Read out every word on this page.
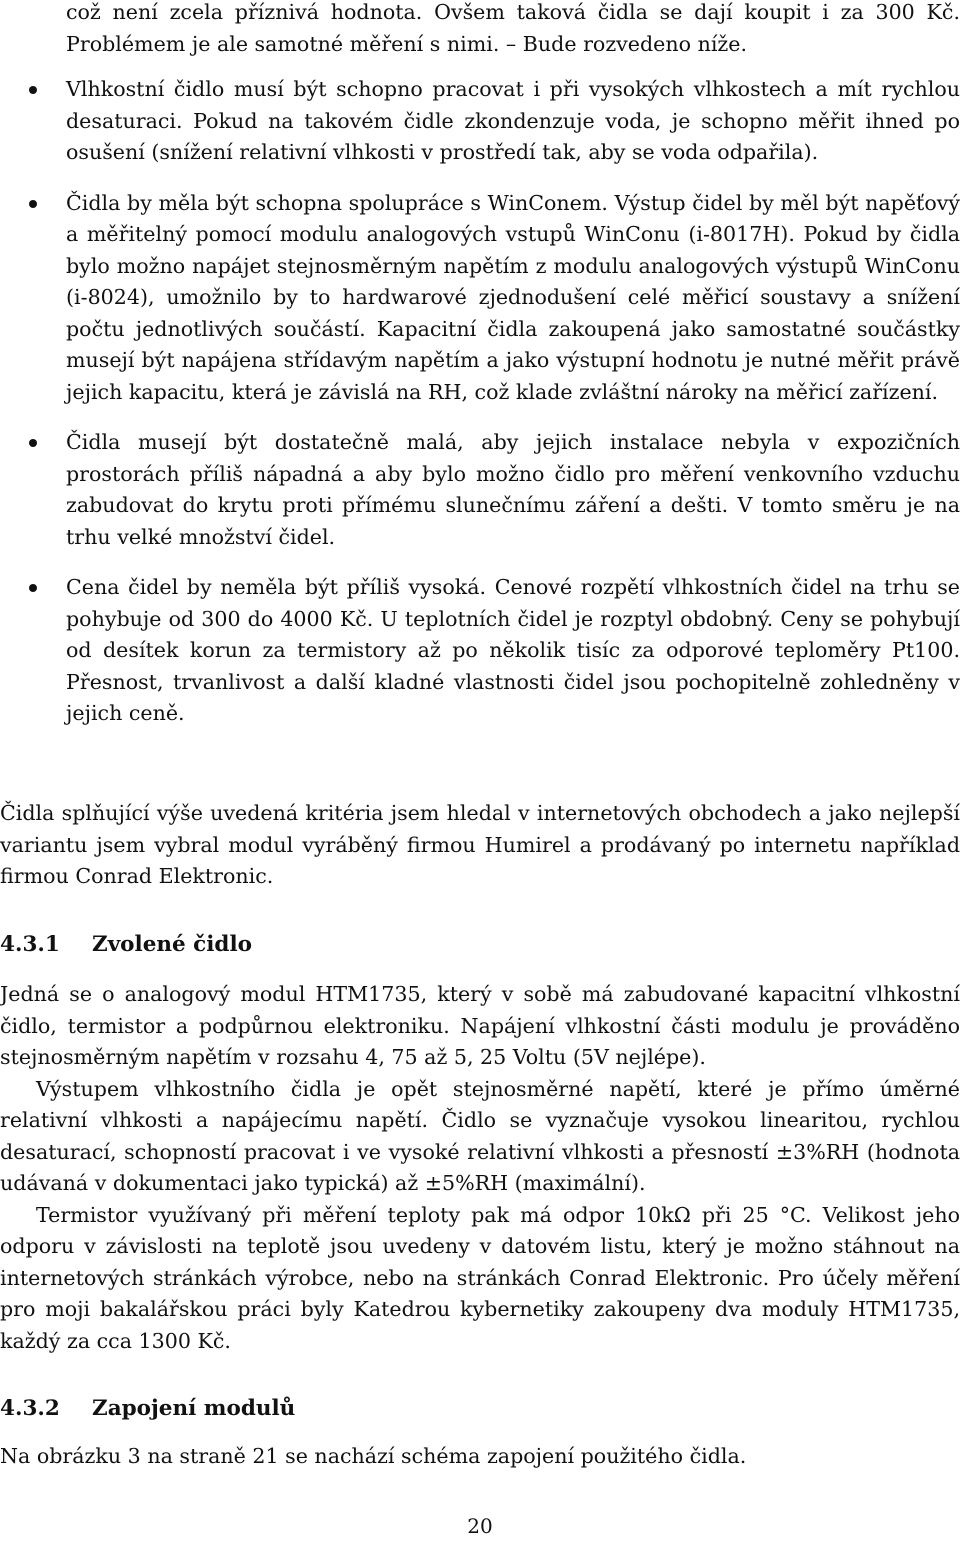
což není zcela příznivá hodnota. Ovšem taková čidla se dají koupit i za 300 Kč. Problémem je ale samotné měření s nimi. – Bude rozvedeno níže.

Vlhkostní čidlo musí být schopno pracovat i při vysokých vlhkostech a mít rychlou desaturaci. Pokud na takovém čidle zkondenzuje voda, je schopno měřit ihned po osušení (snížení relativní vlhkosti v prostředí tak, aby se voda odpařila).

Čidla by měla být schopna spolupráce s WinConem. Výstup čidel by měl být napěťový a měřitelný pomocí modulu analogových vstupů WinConu (i-8017H). Pokud by čidla bylo možno napájet stejnosměrným napětím z modulu analogových výstupů WinConu (i-8024), umožnilo by to hardwarové zjednodušení celé měřicí soustavy a snížení počtu jednotlivých součástí. Kapacitní čidla zakoupená jako samostatné součástky musejí být napájena střídavým napětím a jako výstupní hodnotu je nutné měřit právě jejich kapacitu, která je závislá na RH, což klade zvláštní nároky na měřicí zařízení.

Čidla musejí být dostatečně malá, aby jejich instalace nebyla v expozičních prostorách příliš nápadná a aby bylo možno čidlo pro měření venkovního vzduchu zabudovat do krytu proti přímému slunečnímu záření a dešti. V tomto směru je na trhu velké množství čidel.

Cena čidel by neměla být příliš vysoká. Cenové rozpětí vlhkostních čidel na trhu se pohybuje od 300 do 4000 Kč. U teplotních čidel je rozptyl obdobný. Ceny se pohybují od desítek korun za termistory až po několik tisíc za odporové teploměry Pt100. Přesnost, trvanlivost a další kladné vlastnosti čidel jsou pochopitelně zohledněny v jejich ceně.

Čidla splňující výše uvedená kritéria jsem hledal v internetových obchodech a jako nejlepší variantu jsem vybral modul vyráběný firmou Humirel a prodávaný po internetu například firmou Conrad Elektronic.

4.3.1 Zvolené čidlo

Jedná se o analogový modul HTM1735, který v sobě má zabudované kapacitní vlhkostní čidlo, termistor a podpůrnou elektroniku. Napájení vlhkostní části modulu je prováděno stejnosměrným napětím v rozsahu 4, 75 až 5, 25 Voltu (5V nejlépe).

Výstupem vlhkostního čidla je opět stejnosměrné napětí, které je přímo úměrné relativní vlhkosti a napájecímu napětí. Čidlo se vyznačuje vysokou linearitou, rychlou desaturací, schopností pracovat i ve vysoké relativní vlhkosti a přesností ±3%RH (hodnota udávaná v dokumentaci jako typická) až ±5%RH (maximální).

Termistor využívaný při měření teploty pak má odpor 10kΩ při 25 °C. Velikost jeho odporu v závislosti na teplotě jsou uvedeny v datovém listu, který je možno stáhnout na internetových stránkách výrobce, nebo na stránkách Conrad Elektronic. Pro účely měření pro moji bakalářskou práci byly Katedrou kybernetiky zakoupeny dva moduly HTM1735, každý za cca 1300 Kč.

4.3.2 Zapojení modulů

Na obrázku 3 na straně 21 se nachází schéma zapojení použitého čidla.

20
